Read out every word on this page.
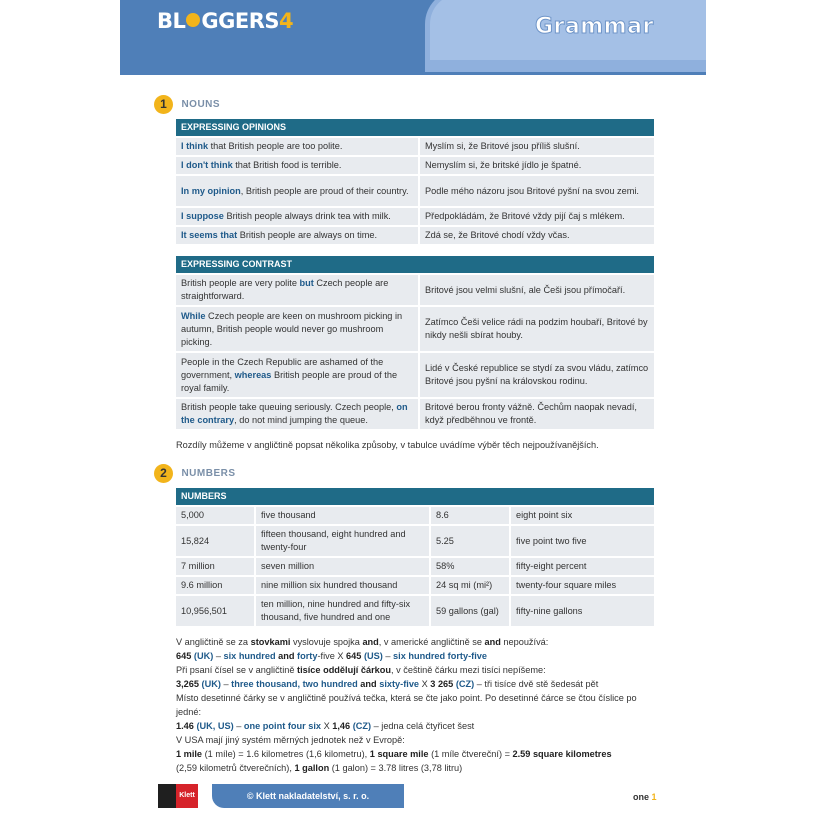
BL GGERS4	Grammar
1 NOUNS
EXPRESSING OPINIONS	
I think that British people are too polite.	Myslím si, že Britové jsou příliš slušní.
I don't think that British food is terrible.	Nemyslím si, že britské jídlo je špatné.
In my opinion, British people are proud of their country.	Podle mého názoru jsou Britové pyšní na svou zemi.
I suppose British people always drink tea with milk.	Předpokládám, že Britové vždy pijí čaj s mlékem.
It seems that British people are always on time.	Zdá se, že Britové chodí vždy včas.
EXPRESSING CONTRAST	
British people are very polite but Czech people are straightforward.	Britové jsou velmi slušní, ale Češi jsou přímočaří.
While Czech people are keen on mushroom picking in autumn, British people would never go mushroom picking.	Zatímco Češi velice rádi na podzim houbaří, Britové by nikdy nešli sbírat houby.
People in the Czech Republic are ashamed of the government, whereas British people are proud of the royal family.	Lidé v České republice se stydí za svou vládu, zatímco Britové jsou pyšní na královskou rodinu.
British people take queuing seriously. Czech people, on the contrary, do not mind jumping the queue.	Britové berou fronty vážně. Čechům naopak nevadí, když předběhnou ve frontě.
Rozdíly můžeme v angličtině popsat několika způsoby, v tabulce uvádíme výběr těch nejpoužívanějších.
2 NUMBERS
NUMBERS			
5,000	five thousand	8.6	eight point six
15,824	fifteen thousand, eight hundred and twenty-four	5.25	five point two five
7 million	seven million	58%	fifty-eight percent
9.6 million	nine million six hundred thousand	24 sq mi (mi²)	twenty-four square miles
10,956,501	ten million, nine hundred and fifty-six thousand, five hundred and one	59 gallons (gal)	fifty-nine gallons
V angličtině se za stovkami vyslovuje spojka and, v americké angličtině se and nepoužívá:
645 (UK) – six hundred and forty-five X 645 (US) – six hundred forty-five
Při psaní čísel se v angličtině tisíce oddělují čárkou, v češtině čárku mezi tisíci nepíšeme:
3,265 (UK) – three thousand, two hundred and sixty-five X 3 265 (CZ) – tři tisíce dvě stě šedesát pět
Místo desetinné čárky se v angličtině používá tečka, která se čte jako point. Po desetinné čárce se čtou číslice po jedné:
1.46 (UK, US) – one point four six X 1,46 (CZ) – jedna celá čtyřicet šest
V USA mají jiný systém měrných jednotek než v Evropě:
1 mile (1 míle) = 1.6 kilometres (1,6 kilometru), 1 square mile (1 míle čtvereční) = 2.59 square kilometres
(2,59 kilometrů čtverečních), 1 gallon (1 galon) = 3.78 litres (3,78 litru)
Klett	© Klett nakladatelství, s. r. o.	one 1
